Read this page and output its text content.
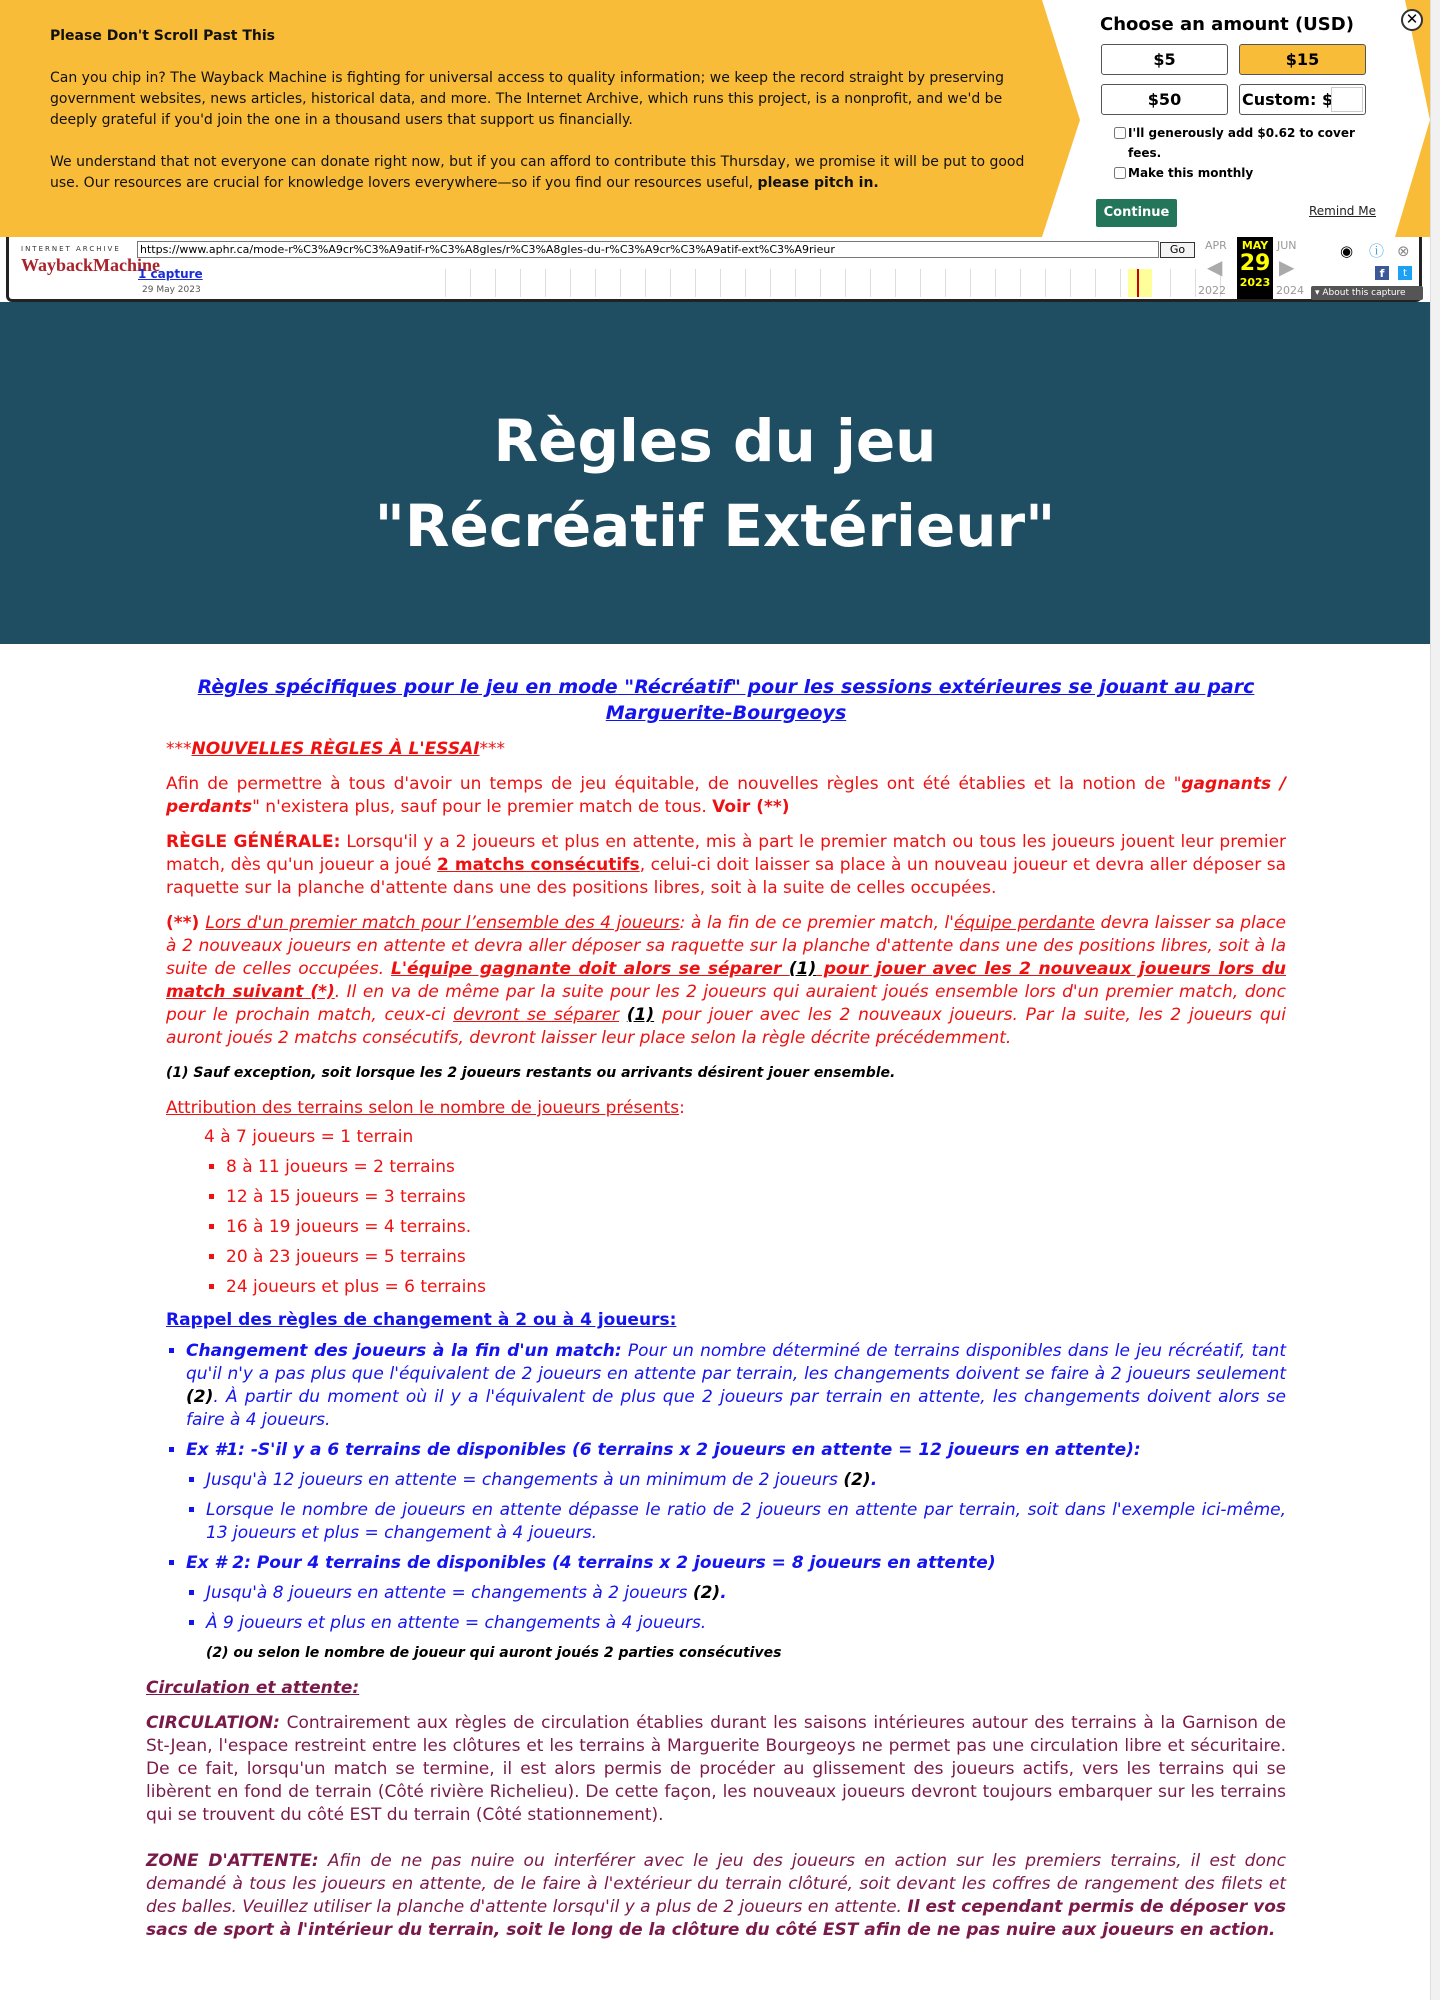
Please Don't Scroll Past This

Can you chip in? The Wayback Machine is fighting for universal access to quality information; we keep the record straight by preserving government websites, news articles, historical data, and more. The Internet Archive, which runs this project, is a nonprofit, and we'd be deeply grateful if you'd join the one in a thousand users that support us financially.

We understand that not everyone can donate right now, but if you can afford to contribute this Thursday, we promise it will be put to good use. Our resources are crucial for knowledge lovers everywhere—so if you find our resources useful, please pitch in.

Choose an amount (USD)
$5	$15
$50	Custom: $
I'll generously add $0.62 to cover fees.
Make this monthly
Continue	Remind Me
✕
INTERNET ARCHIVE
WaybackMachine
https://www.aphr.ca/mode-r%C3%A9cr%C3%A9atif-r%C3%A8gles/r%C3%A8gles-du-r%C3%A9cr%C3%A9atif-ext%C3%A9rieur	Go
1 capture
29 May 2023
APR
◀
2022
MAY
29
2023
JUN
▶
2024
◉ ⓘ ⊗
f	t
▾ About this capture
Règles du jeu
"Récréatif Extérieur"

Règles spécifiques pour le jeu en mode "Récréatif" pour les sessions extérieures se jouant au parc Marguerite-Bourgeoys

***NOUVELLES RÈGLES À L'ESSAI***

Afin de permettre à tous d'avoir un temps de jeu équitable, de nouvelles règles ont été établies et la notion de "gagnants / perdants" n'existera plus, sauf pour le premier match de tous. Voir (**)

RÈGLE GÉNÉRALE: Lorsqu'il y a 2 joueurs et plus en attente, mis à part le premier match ou tous les joueurs jouent leur premier match, dès qu'un joueur a joué 2 matchs consécutifs, celui-ci doit laisser sa place à un nouveau joueur et devra aller déposer sa raquette sur la planche d'attente dans une des positions libres, soit à la suite de celles occupées.

(**) Lors d'un premier match pour l’ensemble des 4 joueurs: à la fin de ce premier match, l'équipe perdante devra laisser sa place à 2 nouveaux joueurs en attente et devra aller déposer sa raquette sur la planche d'attente dans une des positions libres, soit à la suite de celles occupées. L'équipe gagnante doit alors se séparer (1) pour jouer avec les 2 nouveaux joueurs lors du match suivant (*). Il en va de même par la suite pour les 2 joueurs qui auraient joués ensemble lors d'un premier match, donc pour le prochain match, ceux-ci devront se séparer (1) pour jouer avec les 2 nouveaux joueurs. Par la suite, les 2 joueurs qui auront joués 2 matchs consécutifs, devront laisser leur place selon la règle décrite précédemment.

(1) Sauf exception, soit lorsque les 2 joueurs restants ou arrivants désirent jouer ensemble.

Attribution des terrains selon le nombre de joueurs présents:

4 à 7 joueurs = 1 terrain

▪ 8 à 11 joueurs = 2 terrains
▪ 12 à 15 joueurs = 3 terrains
▪ 16 à 19 joueurs = 4 terrains.
▪ 20 à 23 joueurs = 5 terrains
▪ 24 joueurs et plus = 6 terrains

Rappel des règles de changement à 2 ou à 4 joueurs:

▪ Changement des joueurs à la fin d'un match: Pour un nombre déterminé de terrains disponibles dans le jeu récréatif, tant qu'il n'y a pas plus que l'équivalent de 2 joueurs en attente par terrain, les changements doivent se faire à 2 joueurs seulement (2). À partir du moment où il y a l'équivalent de plus que 2 joueurs par terrain en attente, les changements doivent alors se faire à 4 joueurs.
▪ Ex #1: -S'il y a 6 terrains de disponibles (6 terrains x 2 joueurs en attente = 12 joueurs en attente):
▪ Jusqu'à 12 joueurs en attente = changements à un minimum de 2 joueurs (2).
▪ Lorsque le nombre de joueurs en attente dépasse le ratio de 2 joueurs en attente par terrain, soit dans l'exemple ici-même, 13 joueurs et plus = changement à 4 joueurs.
▪ Ex # 2: Pour 4 terrains de disponibles (4 terrains x 2 joueurs = 8 joueurs en attente)
▪ Jusqu'à 8 joueurs en attente = changements à 2 joueurs (2).
▪ À 9 joueurs et plus en attente = changements à 4 joueurs.

(2) ou selon le nombre de joueur qui auront joués 2 parties consécutives

Circulation et attente:

CIRCULATION: Contrairement aux règles de circulation établies durant les saisons intérieures autour des terrains à la Garnison de St-Jean, l'espace restreint entre les clôtures et les terrains à Marguerite Bourgeoys ne permet pas une circulation libre et sécuritaire. De ce fait, lorsqu'un match se termine, il est alors permis de procéder au glissement des joueurs actifs, vers les terrains qui se libèrent en fond de terrain (Côté rivière Richelieu). De cette façon, les nouveaux joueurs devront toujours embarquer sur les terrains qui se trouvent du côté EST du terrain (Côté stationnement).

ZONE D'ATTENTE: Afin de ne pas nuire ou interférer avec le jeu des joueurs en action sur les premiers terrains, il est donc demandé à tous les joueurs en attente, de le faire à l'extérieur du terrain clôturé, soit devant les coffres de rangement des filets et des balles. Veuillez utiliser la planche d'attente lorsqu'il y a plus de 2 joueurs en attente. Il est cependant permis de déposer vos sacs de sport à l'intérieur du terrain, soit le long de la clôture du côté EST afin de ne pas nuire aux joueurs en action.
